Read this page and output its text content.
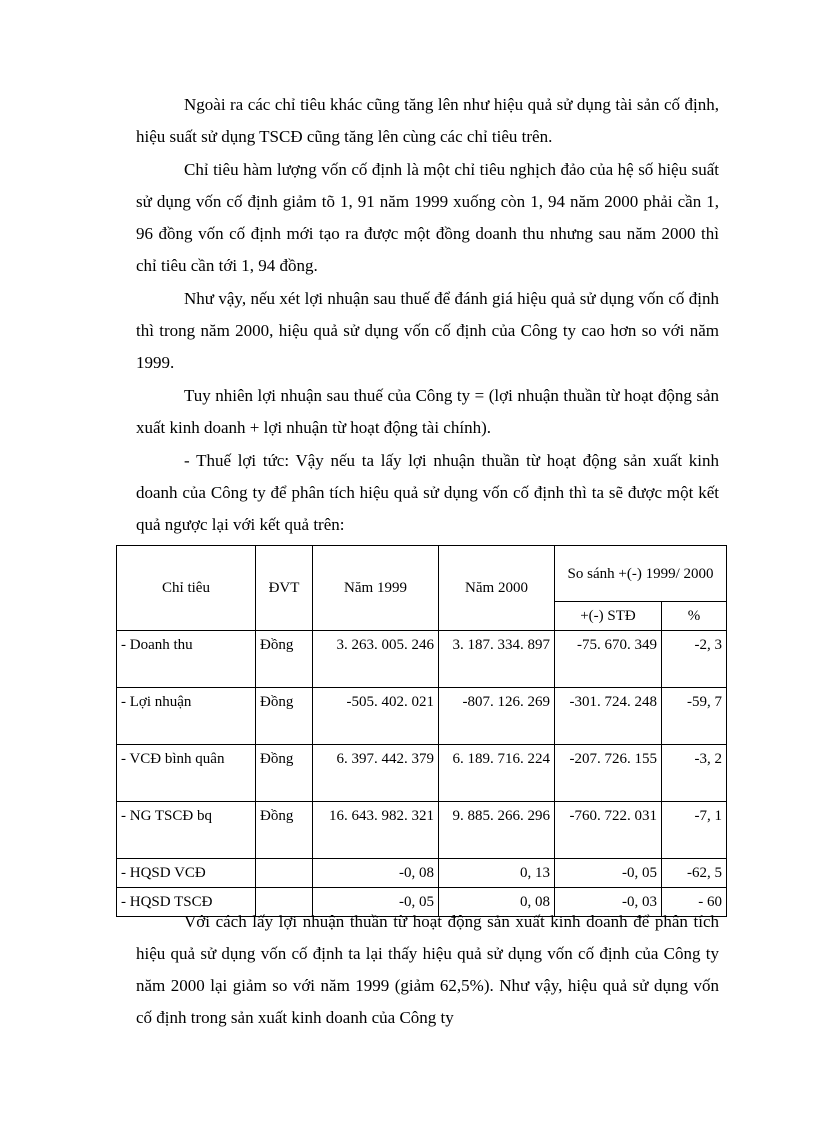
Ngoài ra các chỉ tiêu khác cũng tăng lên như hiệu quả sử dụng tài sản cố định, hiệu suất sử dụng TSCĐ cũng tăng lên cùng các chỉ tiêu trên.

Chỉ tiêu hàm lượng vốn cố định là một chỉ tiêu nghịch đảo của hệ số hiệu suất sử dụng vốn cố định giảm tõ 1, 91 năm 1999 xuống còn 1, 94 năm 2000 phải cần 1, 96 đồng vốn cố định mới tạo ra được một đồng doanh thu nhưng sau năm 2000 thì chỉ tiêu cần tới 1, 94 đồng.

Như vậy, nếu xét lợi nhuận sau thuế để đánh giá hiệu quả sử dụng vốn cố định thì trong năm 2000, hiệu quả sử dụng vốn cố định của Công ty cao hơn so với năm 1999.

Tuy nhiên lợi nhuận sau thuế của Công ty = (lợi nhuận thuần từ hoạt động sản xuất kinh doanh + lợi nhuận từ hoạt động tài chính).

- Thuế lợi tức: Vậy nếu ta lấy lợi nhuận thuần từ hoạt động sản xuất kinh doanh của Công ty để phân tích hiệu quả sử dụng vốn cố định thì ta sẽ được một kết quả ngược lại với kết quả trên:

Chỉ tiêu	ĐVT	Năm 1999	Năm 2000	So sánh +(-) 1999/ 2000	
				+(-) STĐ	%
- Doanh thu	Đồng	3. 263. 005. 246	3. 187. 334. 897	-75. 670. 349	-2, 3
- Lợi nhuận	Đồng	-505. 402. 021	-807. 126. 269	-301. 724. 248	-59, 7
- VCĐ bình quân	Đồng	6. 397. 442. 379	6. 189. 716. 224	-207. 726. 155	-3, 2
- NG TSCĐ bq	Đồng	16. 643. 982. 321	9. 885. 266. 296	-760. 722. 031	-7, 1
- HQSD VCĐ		-0, 08	0, 13	-0, 05	-62, 5
- HQSD TSCĐ		-0, 05	0, 08	-0, 03	- 60

Với cách lấy lợi nhuận thuần từ hoạt động sản xuất kinh doanh để phân tích hiệu quả sử dụng vốn cố định ta lại thấy hiệu quả sử dụng vốn cố định của Công ty năm 2000 lại giảm so với năm 1999 (giảm 62,5%). Như vậy, hiệu quả sử dụng vốn cố định trong sản xuất kinh doanh của Công ty
